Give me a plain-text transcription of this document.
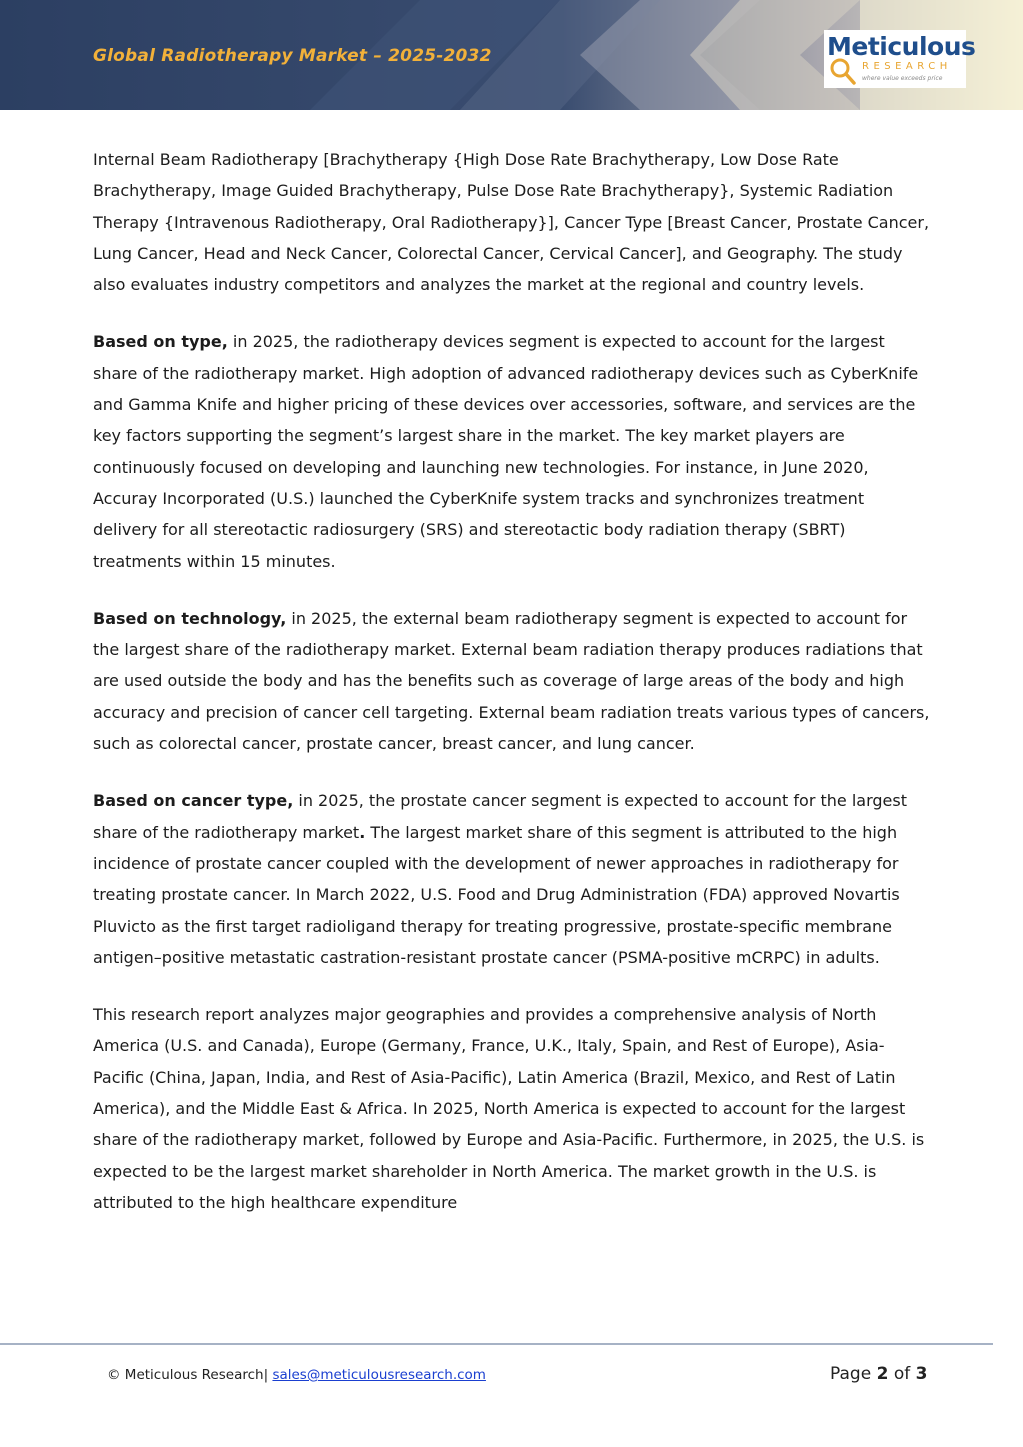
Global Radiotherapy Market – 2025-2032	Meticulous
RESEARCH
where value exceeds price

Internal Beam Radiotherapy [Brachytherapy {High Dose Rate Brachytherapy, Low Dose Rate Brachytherapy, Image Guided Brachytherapy, Pulse Dose Rate Brachytherapy}, Systemic Radiation Therapy {Intravenous Radiotherapy, Oral Radiotherapy}], Cancer Type [Breast Cancer, Prostate Cancer, Lung Cancer, Head and Neck Cancer, Colorectal Cancer, Cervical Cancer], and Geography. The study also evaluates industry competitors and analyzes the market at the regional and country levels.

Based on type, in 2025, the radiotherapy devices segment is expected to account for the largest share of the radiotherapy market. High adoption of advanced radiotherapy devices such as CyberKnife and Gamma Knife and higher pricing of these devices over accessories, software, and services are the key factors supporting the segment’s largest share in the market. The key market players are continuously focused on developing and launching new technologies. For instance, in June 2020, Accuray Incorporated (U.S.) launched the CyberKnife system tracks and synchronizes treatment delivery for all stereotactic radiosurgery (SRS) and stereotactic body radiation therapy (SBRT) treatments within 15 minutes.

Based on technology, in 2025, the external beam radiotherapy segment is expected to account for the largest share of the radiotherapy market. External beam radiation therapy produces radiations that are used outside the body and has the benefits such as coverage of large areas of the body and high accuracy and precision of cancer cell targeting. External beam radiation treats various types of cancers, such as colorectal cancer, prostate cancer, breast cancer, and lung cancer.

Based on cancer type, in 2025, the prostate cancer segment is expected to account for the largest share of the radiotherapy market. The largest market share of this segment is attributed to the high incidence of prostate cancer coupled with the development of newer approaches in radiotherapy for treating prostate cancer. In March 2022, U.S. Food and Drug Administration (FDA) approved Novartis Pluvicto as the first target radioligand therapy for treating progressive, prostate-specific membrane antigen–positive metastatic castration-resistant prostate cancer (PSMA-positive mCRPC) in adults.

This research report analyzes major geographies and provides a comprehensive analysis of North America (U.S. and Canada), Europe (Germany, France, U.K., Italy, Spain, and Rest of Europe), Asia-Pacific (China, Japan, India, and Rest of Asia-Pacific), Latin America (Brazil, Mexico, and Rest of Latin America), and the Middle East & Africa. In 2025, North America is expected to account for the largest share of the radiotherapy market, followed by Europe and Asia-Pacific. Furthermore, in 2025, the U.S. is expected to be the largest market shareholder in North America. The market growth in the U.S. is attributed to the high healthcare expenditure

© Meticulous Research| sales@meticulousresearch.com	Page 2 of 3
